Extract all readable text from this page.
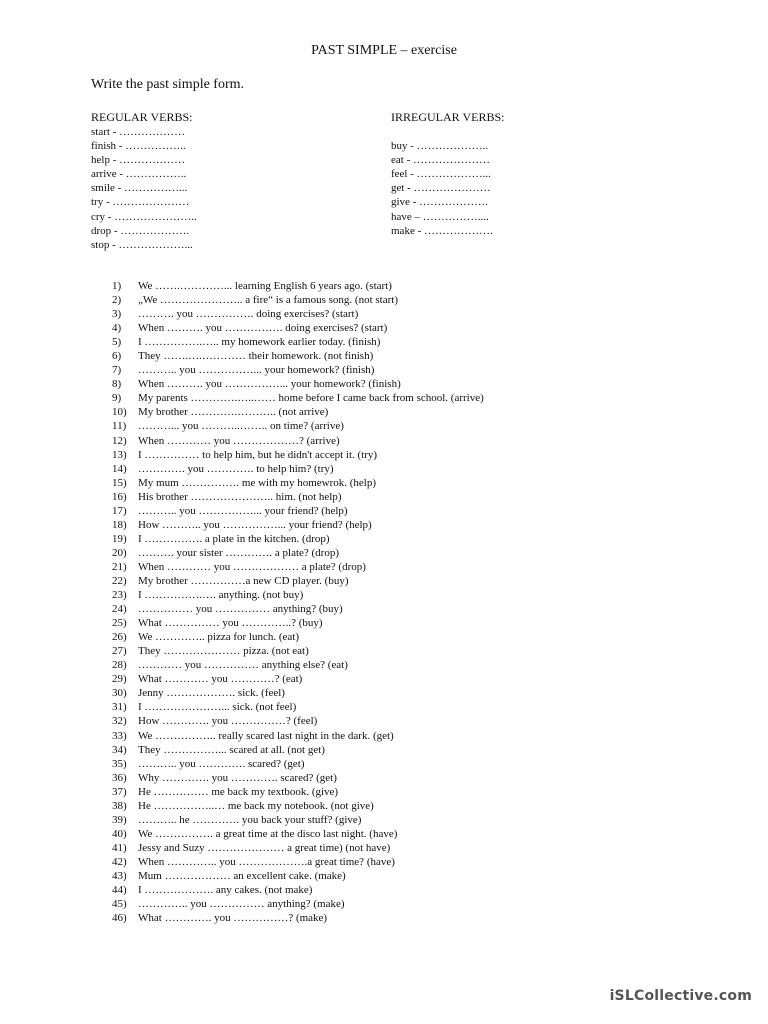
PAST SIMPLE – exercise
Write the past simple form.
REGULAR VERBS:
start - ………………
finish - ……………..
help - ………………
arrive - ……………..
smile - ……………...
try - …………………
cry - …………………..
drop - ……………….
stop - ………………...
IRREGULAR VERBS:
buy - ………………..
eat - …………………
feel - ………………...
get - …………………
give - ……………….
have – ……………....
make - ……………….
1)	We …….…………... learning English 6 years ago. (start)
2)	„We ………………….. a fire“ is a famous song. (not start)
3)	………. you ……………. doing exercises? (start)
4)	When ………. you ……………. doing exercises? (start)
5)	I …………….….. my homework earlier today. (finish)
6)	They …….….………… their homework. (not finish)
7)	……….. you ……………... your homework? (finish)
8)	When ………. you ……………... your homework? (finish)
9)	My parents ………….…..…… home before I came back from school. (arrive)
10)	My brother ………….……….. (not arrive)
11)	………... you ………..…….. on time? (arrive)
12)	When ………… you ………………? (arrive)
13)	I …………… to help him, but he didn't accept it. (try)
14)	…………. you …………. to help him? (try)
15)	My mum ……………. me with my homewrok. (help)
16)	His brother ………………….. him. (not help)
17)	……….. you ……………... your friend? (help)
18)	How ……….. you ……………... your friend? (help)
19)	I ……………. a plate in the kitchen. (drop)
20)	………. your sister …………. a plate? (drop)
21)	When ………… you ……………… a plate? (drop)
22)	My brother ……………a new CD player. (buy)
23)	I …………….…. anything. (not buy)
24)	…………… you …………… anything? (buy)
25)	What …………… you …………..? (buy)
26)	We ………….. pizza for lunch. (eat)
27)	They ………………… pizza. (not eat)
28)	………… you …………… anything else? (eat)
29)	What ………… you …………? (eat)
30)	Jenny ………………. sick. (feel)
31)	I …………………... sick. (not feel)
32)	How …………. you ……………? (feel)
33)	We …………….. really scared last night in the dark. (get)
34)	They ……………... scared at all. (not get)
35)	……….. you …………. scared? (get)
36)	Why …………. you …………. scared? (get)
37)	He …………… me back my textbook. (give)
38)	He ……………..… me back my notebook. (not give)
39)	……….. he …………. you back your stuff? (give)
40)	We ……………. a great time at the disco last night. (have)
41)	Jessy and Suzy ………………… a great time) (not have)
42)	When ………….. you ……………….a great time? (have)
43)	Mum ……………… an excellent cake. (make)
44)	I ………………. any cakes. (not make)
45)	………….. you …………… anything? (make)
46)	What …………. you ……………? (make)
iSLCollective.com
